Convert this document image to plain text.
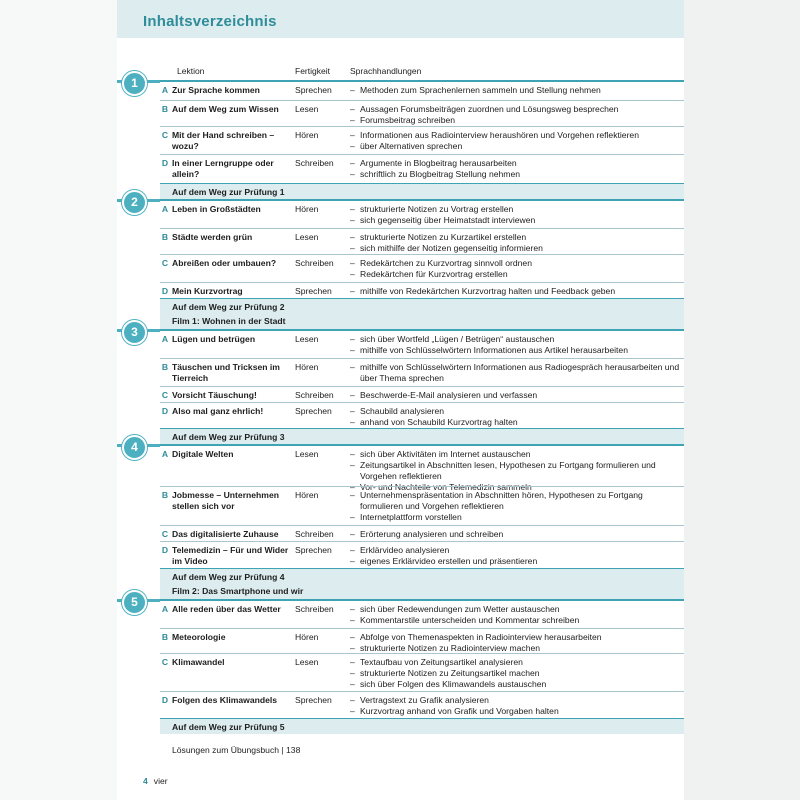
Inhaltsverzeichnis
Lektion	Fertigkeit Sprachhandlungen
1	A Zur Sprache kommen	Sprechen	– Methoden zum Sprachenlernen sammeln und Stellung nehmen
B Auf dem Weg zum Wissen	Lesen	– Aussagen Forumsbeiträgen zuordnen und Lösungsweg besprechen
– Forumsbeitrag schreiben
C Mit der Hand schreiben – wozu?
Hören	– Informationen aus Radiointerview heraushören und Vorgehen reflektieren
– über Alternativen sprechen
D In einer Lerngruppe oder allein?
Schreiben	– Argumente in Blogbeitrag herausarbeiten
– schriftlich zu Blogbeitrag Stellung nehmen
Auf dem Weg zur Prüfung 1
2	A Leben in Großstädten	Hören	– strukturierte Notizen zu Vortrag erstellen
– sich gegenseitig über Heimatstadt interviewen
B Städte werden grün	Lesen	– strukturierte Notizen zu Kurzartikel erstellen
– sich mithilfe der Notizen gegenseitig informieren
C Abreißen oder umbauen?	Schreiben	– Redekärtchen zu Kurzvortrag sinnvoll ordnen
– Redekärtchen für Kurzvortrag erstellen
D Mein Kurzvortrag	Sprechen	– mithilfe von Redekärtchen Kurzvortrag halten und Feedback geben
Auf dem Weg zur Prüfung 2
Film 1: Wohnen in der Stadt
3	A Lügen und betrügen	Lesen	– sich über Wortfeld „Lügen / Betrügen“ austauschen
– mithilfe von Schlüsselwörtern Informationen aus Artikel herausarbeiten
B Täuschen und Tricksen im Tierreich
Hören	– mithilfe von Schlüsselwörtern Informationen aus Radiogespräch herausarbeiten und über Thema sprechen
C Vorsicht Täuschung!	Schreiben	– Beschwerde-E-Mail analysieren und verfassen
D Also mal ganz ehrlich!	Sprechen	– Schaubild analysieren
– anhand von Schaubild Kurzvortrag halten
Auf dem Weg zur Prüfung 3
4	A Digitale Welten	Lesen	– sich über Aktivitäten im Internet austauschen
– Zeitungsartikel in Abschnitten lesen, Hypothesen zu Fortgang formulieren und Vorgehen reflektieren
– Vor- und Nachteile von Telemedizin sammeln
B Jobmesse – Unternehmen stellen sich vor
Hören	– Unternehmenspräsentation in Abschnitten hören, Hypothesen zu Fortgang formulieren und Vorgehen reflektieren
– Internetplattform vorstellen
C Das digitalisierte Zuhause	Schreiben	– Erörterung analysieren und schreiben
D Telemedizin – Für und Wider im Video
Sprechen	– Erklärvideo analysieren
– eigenes Erklärvideo erstellen und präsentieren
Auf dem Weg zur Prüfung 4
Film 2: Das Smartphone und wir
5	A Alle reden über das Wetter	Schreiben	– sich über Redewendungen zum Wetter austauschen
– Kommentarstile unterscheiden und Kommentar schreiben
B Meteorologie	Hören	– Abfolge von Themenaspekten in Radiointerview herausarbeiten
– strukturierte Notizen zu Radiointerview machen
C Klimawandel	Lesen	– Textaufbau von Zeitungsartikel analysieren
– strukturierte Notizen zu Zeitungsartikel machen
– sich über Folgen des Klimawandels austauschen
D Folgen des Klimawandels	Sprechen	– Vertragstext zu Grafik analysieren
– Kurzvortrag anhand von Grafik und Vorgaben halten
Auf dem Weg zur Prüfung 5
Lösungen zum Übungsbuch | 138
4 vier
